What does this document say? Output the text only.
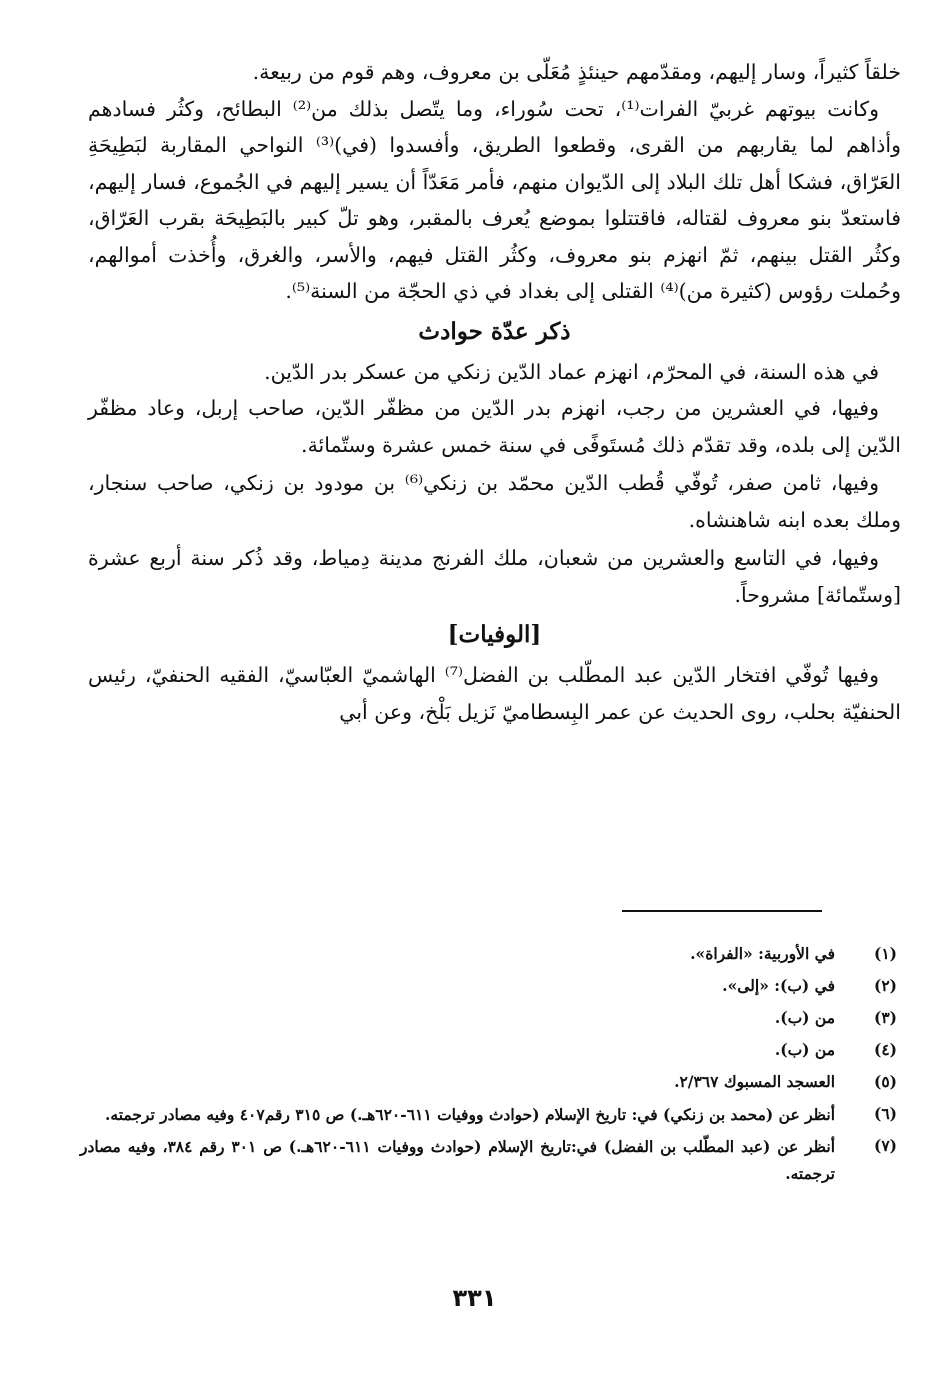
خلقاً كثيراً، وسار إليهم، ومقدّمهم حينئذٍ مُعَلّى بن معروف، وهم قوم من ربيعة.

وكانت بيوتهم غربيّ الفرات⁽¹⁾، تحت سُوراء، وما يتّصل بذلك من⁽²⁾ البطائح، وكثُر فسادهم وأذاهم لما يقاربهم من القرى، وقطعوا الطريق، وأفسدوا (في)⁽³⁾ النواحي المقاربة لبَطِيحَةِ العَرّاق، فشكا أهل تلك البلاد إلى الدّيوان منهم، فأمر مَعَدّاً أن يسير إليهم في الجُموع، فسار إليهم، فاستعدّ بنو معروف لقتاله، فاقتتلوا بموضع يُعرف بالمقبر، وهو تلّ كبير بالبَطِيحَة بقرب العَرّاق، وكثُر القتل بينهم، ثمّ انهزم بنو معروف، وكثُر القتل فيهم، والأسر، والغرق، وأُخذت أموالهم، وحُملت رؤوس (كثيرة من)⁽⁴⁾ القتلى إلى بغداد في ذي الحجّة من السنة⁽⁵⁾.

ذكر عدّة حوادث

في هذه السنة، في المحرّم، انهزم عماد الدّين زنكي من عسكر بدر الدّين.

وفيها، في العشرين من رجب، انهزم بدر الدّين من مظفّر الدّين، صاحب إربل، وعاد مظفّر الدّين إلى بلده، وقد تقدّم ذلك مُستَوفًى في سنة خمس عشرة وستّمائة.

وفيها، ثامن صفر، تُوفّي قُطب الدّين محمّد بن زنكي⁽⁶⁾ بن مودود بن زنكي، صاحب سنجار، وملك بعده ابنه شاهنشاه.

وفيها، في التاسع والعشرين من شعبان، ملك الفرنج مدينة دِمياط، وقد ذُكر سنة أربع عشرة [وستّمائة] مشروحاً.

[الوفيات]

وفيها تُوفّي افتخار الدّين عبد المطّلب بن الفضل⁽⁷⁾ الهاشميّ العبّاسيّ، الفقيه الحنفيّ، رئيس الحنفيّة بحلب، روى الحديث عن عمر البِسطاميّ نَزيل بَلْخ، وعن أبي

(١)
في الأوربية: «الفراة».
(٢)
في (ب): «إلى».
(٣)
من (ب).
(٤)
من (ب).
(٥)
العسجد المسبوك ٢/٣٦٧.
(٦)
أنظر عن (محمد بن زنكي) في: تاريخ الإسلام (حوادث ووفيات ٦١١-٦٢٠هـ.) ص ٣١٥ رقم٤٠٧ وفيه مصادر ترجمته.
(٧)
أنظر عن (عبد المطّلب بن الفضل) في:تاريخ الإسلام (حوادث ووفيات ٦١١-٦٢٠هـ.) ص ٣٠١ رقم ٣٨٤، وفيه مصادر ترجمته.
٣٣١
